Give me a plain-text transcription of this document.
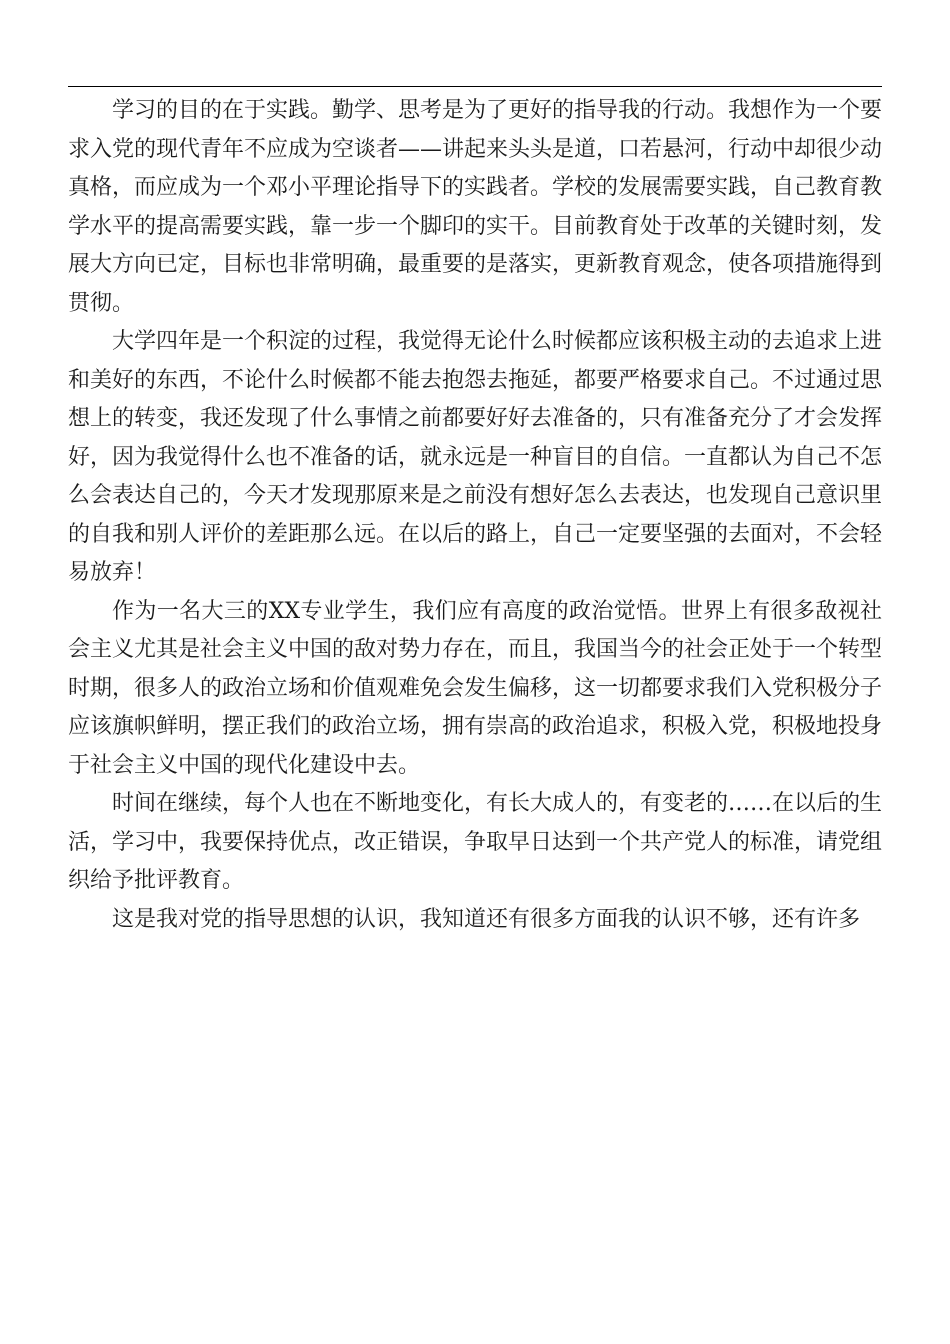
学习的目的在于实践。勤学、思考是为了更好的指导我的行动。我想作为一个要求入党的现代青年不应成为空谈者——讲起来头头是道，口若悬河，行动中却很少动真格，而应成为一个邓小平理论指导下的实践者。学校的发展需要实践，自己教育教学水平的提高需要实践，靠一步一个脚印的实干。目前教育处于改革的关键时刻，发展大方向已定，目标也非常明确，最重要的是落实，更新教育观念，使各项措施得到贯彻。

大学四年是一个积淀的过程，我觉得无论什么时候都应该积极主动的去追求上进和美好的东西，不论什么时候都不能去抱怨去拖延，都要严格要求自己。不过通过思想上的转变，我还发现了什么事情之前都要好好去准备的，只有准备充分了才会发挥好，因为我觉得什么也不准备的话，就永远是一种盲目的自信。一直都认为自己不怎么会表达自己的，今天才发现那原来是之前没有想好怎么去表达，也发现自己意识里的自我和别人评价的差距那么远。在以后的路上，自己一定要坚强的去面对，不会轻易放弃！

作为一名大三的XX专业学生，我们应有高度的政治觉悟。世界上有很多敌视社会主义尤其是社会主义中国的敌对势力存在，而且，我国当今的社会正处于一个转型时期，很多人的政治立场和价值观难免会发生偏移，这一切都要求我们入党积极分子应该旗帜鲜明，摆正我们的政治立场，拥有崇高的政治追求，积极入党，积极地投身于社会主义中国的现代化建设中去。

时间在继续，每个人也在不断地变化，有长大成人的，有变老的……在以后的生活，学习中，我要保持优点，改正错误，争取早日达到一个共产党人的标准，请党组织给予批评教育。

这是我对党的指导思想的认识，我知道还有很多方面我的认识不够，还有许多
